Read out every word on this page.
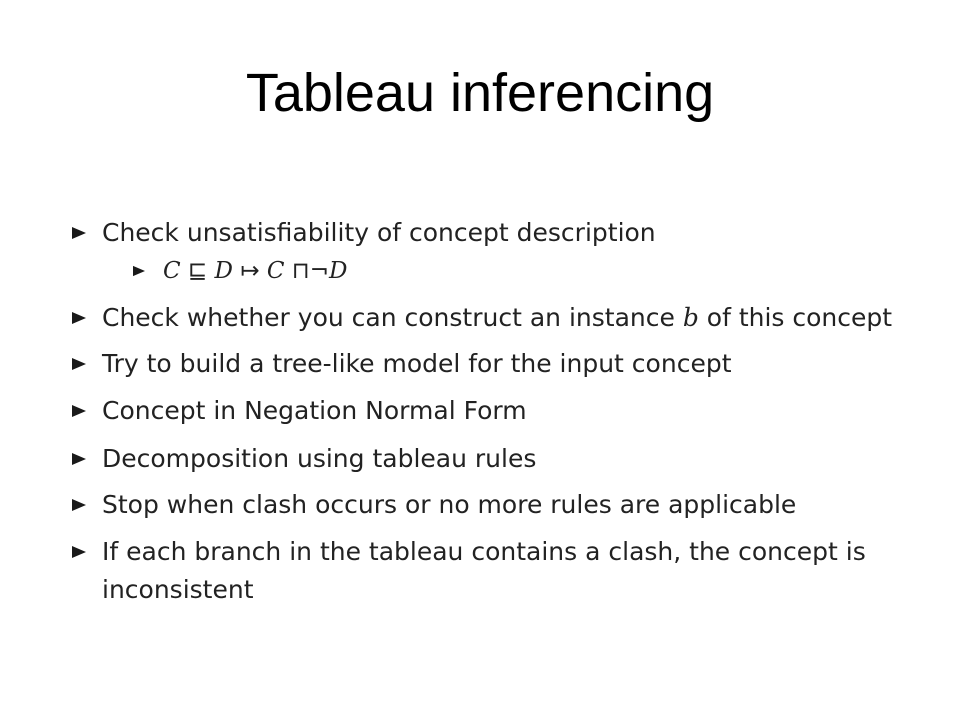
Tableau inferencing
Check unsatisfiability of concept description
C ⊑ D ↦ C ⊓¬D
Check whether you can construct an instance b of this concept
Try to build a tree-like model for the input concept
Concept in Negation Normal Form
Decomposition using tableau rules
Stop when clash occurs or no more rules are applicable
If each branch in the tableau contains a clash, the concept is inconsistent
